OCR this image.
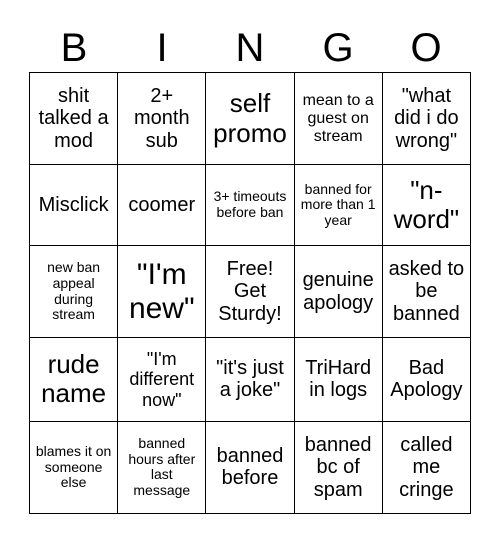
B	I	N	G	O
shit talked a mod	2+ month sub	self promo	mean to a guest on stream	"what did i do wrong"
Misclick	coomer	3+ timeouts before ban	banned for more than 1 year	"n-word"
new ban appeal during stream	"I'm new"	Free! Get Sturdy!	genuine apology	asked to be banned
rude name	"I'm different now"	"it's just a joke"	TriHard in logs	Bad Apology
blames it on someone else	banned hours after last message	banned before	banned bc of spam	called me cringe
